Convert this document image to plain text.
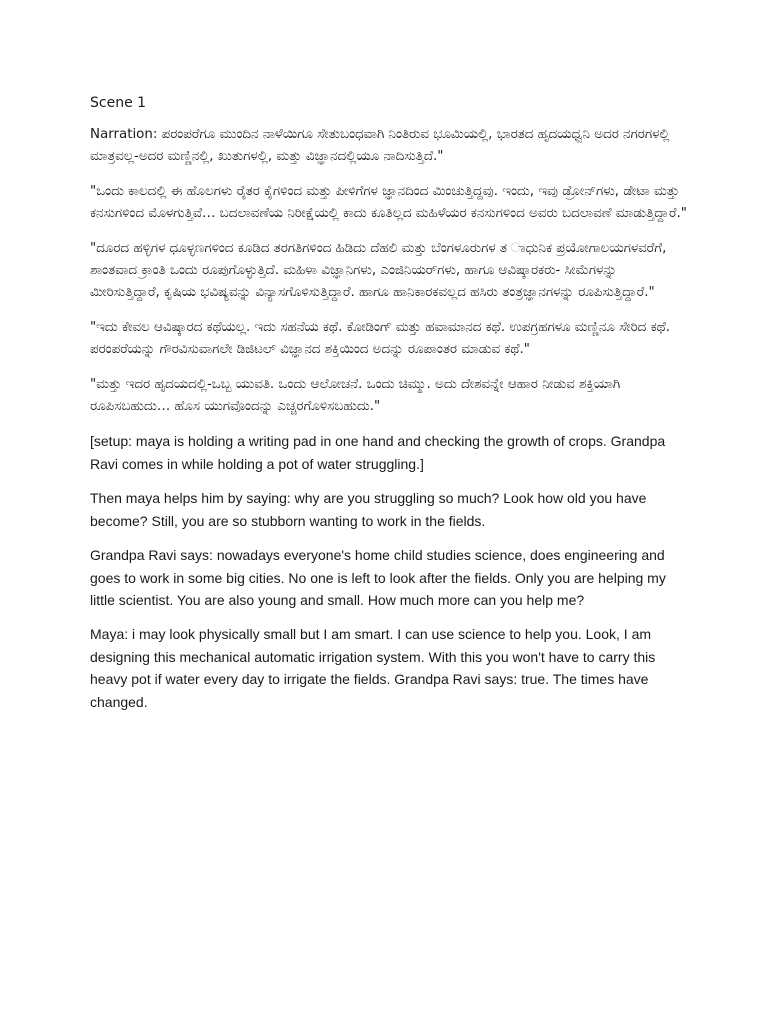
Scene 1

Narration: ಪರಂಪರೆಗೂ ಮುಂದಿನ ನಾಳೆಯಿಗೂ ಸೇತುಬಂಧವಾಗಿ ನಿಂತಿರುವ ಭೂಮಿಯಲ್ಲಿ, ಭಾರತದ ಹೃದಯಧ್ವನಿ ಅದರ ನಗರಗಳಲ್ಲಿ ಮಾತ್ರವಲ್ಲ-ಅದರ ಮಣ್ಣಿನಲ್ಲಿ, ಖುತುಗಳಲ್ಲಿ, ಮತ್ತು ವಿಜ್ಞಾನದಲ್ಲಿಯೂ ನಾದಿಸುತ್ತಿದೆ."

"ಒಂದು ಕಾಲದಲ್ಲಿ ಈ ಹೊಲಗಳು ರೈತರ ಕೈಗಳಿಂದ ಮತ್ತು ಪೀಳಿಗೆಗಳ ಜ್ಞಾನದಿಂದ ಮಿಂಚುತ್ತಿದ್ದವು. ಇಂದು, ಇವು ಡ್ರೋನ್‌ಗಳು, ಡೇಟಾ ಮತ್ತು ಕನಸುಗಳಿಂದ ಮೊಳಗುತ್ತಿವೆ… ಬದಲಾವಣೆಯ ನಿರೀಕ್ಷೆಯಲ್ಲಿ ಕಾದು ಕೂತಿಲ್ಲದ ಮಹಿಳೆಯರ ಕನಸುಗಳಿಂದ ಅವರು ಬದಲಾವಣೆ ಮಾಡುತ್ತಿದ್ದಾರೆ."

"ದೂರದ ಹಳ್ಳಿಗಳ ಧೂಳ್ಳಣಗಳಿಂದ ಕೂಡಿದ ತರಗತಿಗಳಿಂದ ಹಿಡಿದು ದೆಹಲಿ ಮತ್ತು ಬೆಂಗಳೂರುಗಳ ತ ಾಧುನಿಕ ಪ್ರಯೋಗಾಲಯಗಳವರೆಗೆ, ಶಾಂತವಾದ ಕ್ರಾಂತಿ ಒಂದು ರೂಪುಗೊಳ್ಳುತ್ತಿದೆ. ಮಹಿಳಾ ವಿಜ್ಞಾನಿಗಳು, ಎಂಜಿನಿಯರ್‌ಗಳು, ಹಾಗೂ ಆವಿಷ್ಕಾರಕರು- ಸೀಮೆಗಳನ್ನು ಮೀರಿಸುತ್ತಿದ್ದಾರೆ, ಕೃಷಿಯ ಭವಿಷ್ಯವನ್ನು ವಿನ್ಯಾಸಗೊಳಿಸುತ್ತಿದ್ದಾರೆ. ಹಾಗೂ ಹಾನಿಕಾರಕವಲ್ಲದ ಹಸಿರು ತಂತ್ರಜ್ಞಾನಗಳನ್ನು ರೂಪಿಸುತ್ತಿದ್ದಾರೆ."

"ಇದು ಕೇವಲ ಆವಿಷ್ಕಾರದ ಕಥೆಯಲ್ಲ. ಇದು ಸಹನೆಯ ಕಥೆ. ಕೋಡಿಂಗ್ ಮತ್ತು ಹವಾಮಾನದ ಕಥೆ. ಉಪಗ್ರಹಗಳೂ ಮಣ್ಣಿನೂ ಸೇರಿದ ಕಥೆ. ಪರಂಪರೆಯನ್ನು ಗೌರವಿಸುವಾಗಲೇ ಡಿಜಿಟಲ್ ವಿಜ್ಞಾನದ ಶಕ್ತಿಯಿಂದ ಅದನ್ನು ರೂಪಾಂತರ ಮಾಡುವ ಕಥೆ."

"ಮತ್ತು ಇದರ ಹೃದಯದಲ್ಲಿ-ಒಬ್ಬ ಯುವತಿ. ಒಂದು ಆಲೋಚನೆ. ಒಂದು ಚಿಮ್ಮು. ಅದು ದೇಶವನ್ನೇ ಆಹಾರ ನೀಡುವ ಶಕ್ತಿಯಾಗಿ ರೂಪಿಸಬಹುದು… ಹೊಸ ಯುಗವೊಂದನ್ನು ಎಚ್ಚರಗೊಳಿಸಬಹುದು."

[setup: maya is holding a writing pad in one hand and checking the growth of crops. Grandpa Ravi comes in while holding a pot of water struggling.]

Then maya helps him by saying: why are you struggling so much? Look how old you have become? Still, you are so stubborn wanting to work in the fields.

Grandpa Ravi says: nowadays everyone's home child studies science, does engineering and goes to work in some big cities. No one is left to look after the fields. Only you are helping my little scientist. You are also young and small. How much more can you help me?

Maya: i may look physically small but I am smart. I can use science to help you. Look, I am designing this mechanical automatic irrigation system. With this you won't have to carry this heavy pot if water every day to irrigate the fields. Grandpa Ravi says: true. The times have changed.
